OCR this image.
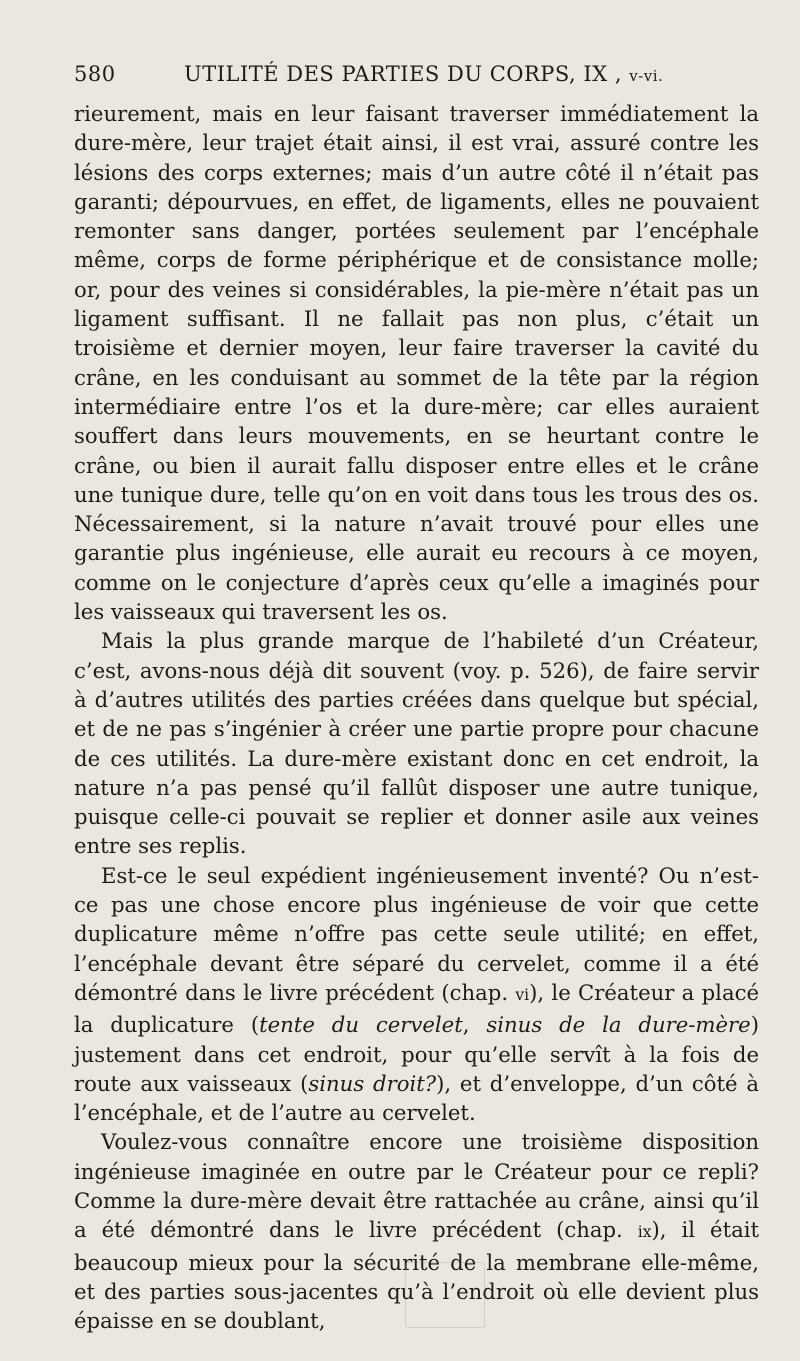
580	UTILITÉ DES PARTIES DU CORPS, IX , v-vi.

rieurement, mais en leur faisant traverser immédiatement la dure-mère, leur trajet était ainsi, il est vrai, assuré contre les lésions des corps externes; mais d’un autre côté il n’était pas garanti; dépourvues, en effet, de ligaments, elles ne pouvaient remonter sans danger, portées seulement par l’encéphale même, corps de forme périphérique et de consistance molle; or, pour des veines si considérables, la pie-mère n’était pas un ligament suffisant. Il ne fallait pas non plus, c’était un troisième et dernier moyen, leur faire traverser la cavité du crâne, en les conduisant au sommet de la tête par la région intermédiaire entre l’os et la dure-mère; car elles auraient souffert dans leurs mouvements, en se heurtant contre le crâne, ou bien il aurait fallu disposer entre elles et le crâne une tunique dure, telle qu’on en voit dans tous les trous des os. Nécessairement, si la nature n’avait trouvé pour elles une garantie plus ingénieuse, elle aurait eu recours à ce moyen, comme on le conjecture d’après ceux qu’elle a imaginés pour les vaisseaux qui traversent les os.

Mais la plus grande marque de l’habileté d’un Créateur, c’est, avons-nous déjà dit souvent (voy. p. 526), de faire servir à d’autres utilités des parties créées dans quelque but spécial, et de ne pas s’ingénier à créer une partie propre pour chacune de ces utilités. La dure-mère existant donc en cet endroit, la nature n’a pas pensé qu’il fallût disposer une autre tunique, puisque celle-ci pouvait se replier et donner asile aux veines entre ses replis.

Est-ce le seul expédient ingénieusement inventé? Ou n’est-ce pas une chose encore plus ingénieuse de voir que cette duplicature même n’offre pas cette seule utilité; en effet, l’encéphale devant être séparé du cervelet, comme il a été démontré dans le livre précédent (chap. vi), le Créateur a placé la duplicature (tente du cervelet, sinus de la dure-mère) justement dans cet endroit, pour qu’elle servît à la fois de route aux vaisseaux (sinus droit?), et d’enveloppe, d’un côté à l’encéphale, et de l’autre au cervelet.

Voulez-vous connaître encore une troisième disposition ingénieuse imaginée en outre par le Créateur pour ce repli? Comme la dure-mère devait être rattachée au crâne, ainsi qu’il a été démontré dans le livre précédent (chap. ix), il était beaucoup mieux pour la sécurité de la membrane elle-même, et des parties sous-jacentes qu’à l’endroit où elle devient plus épaisse en se doublant,
